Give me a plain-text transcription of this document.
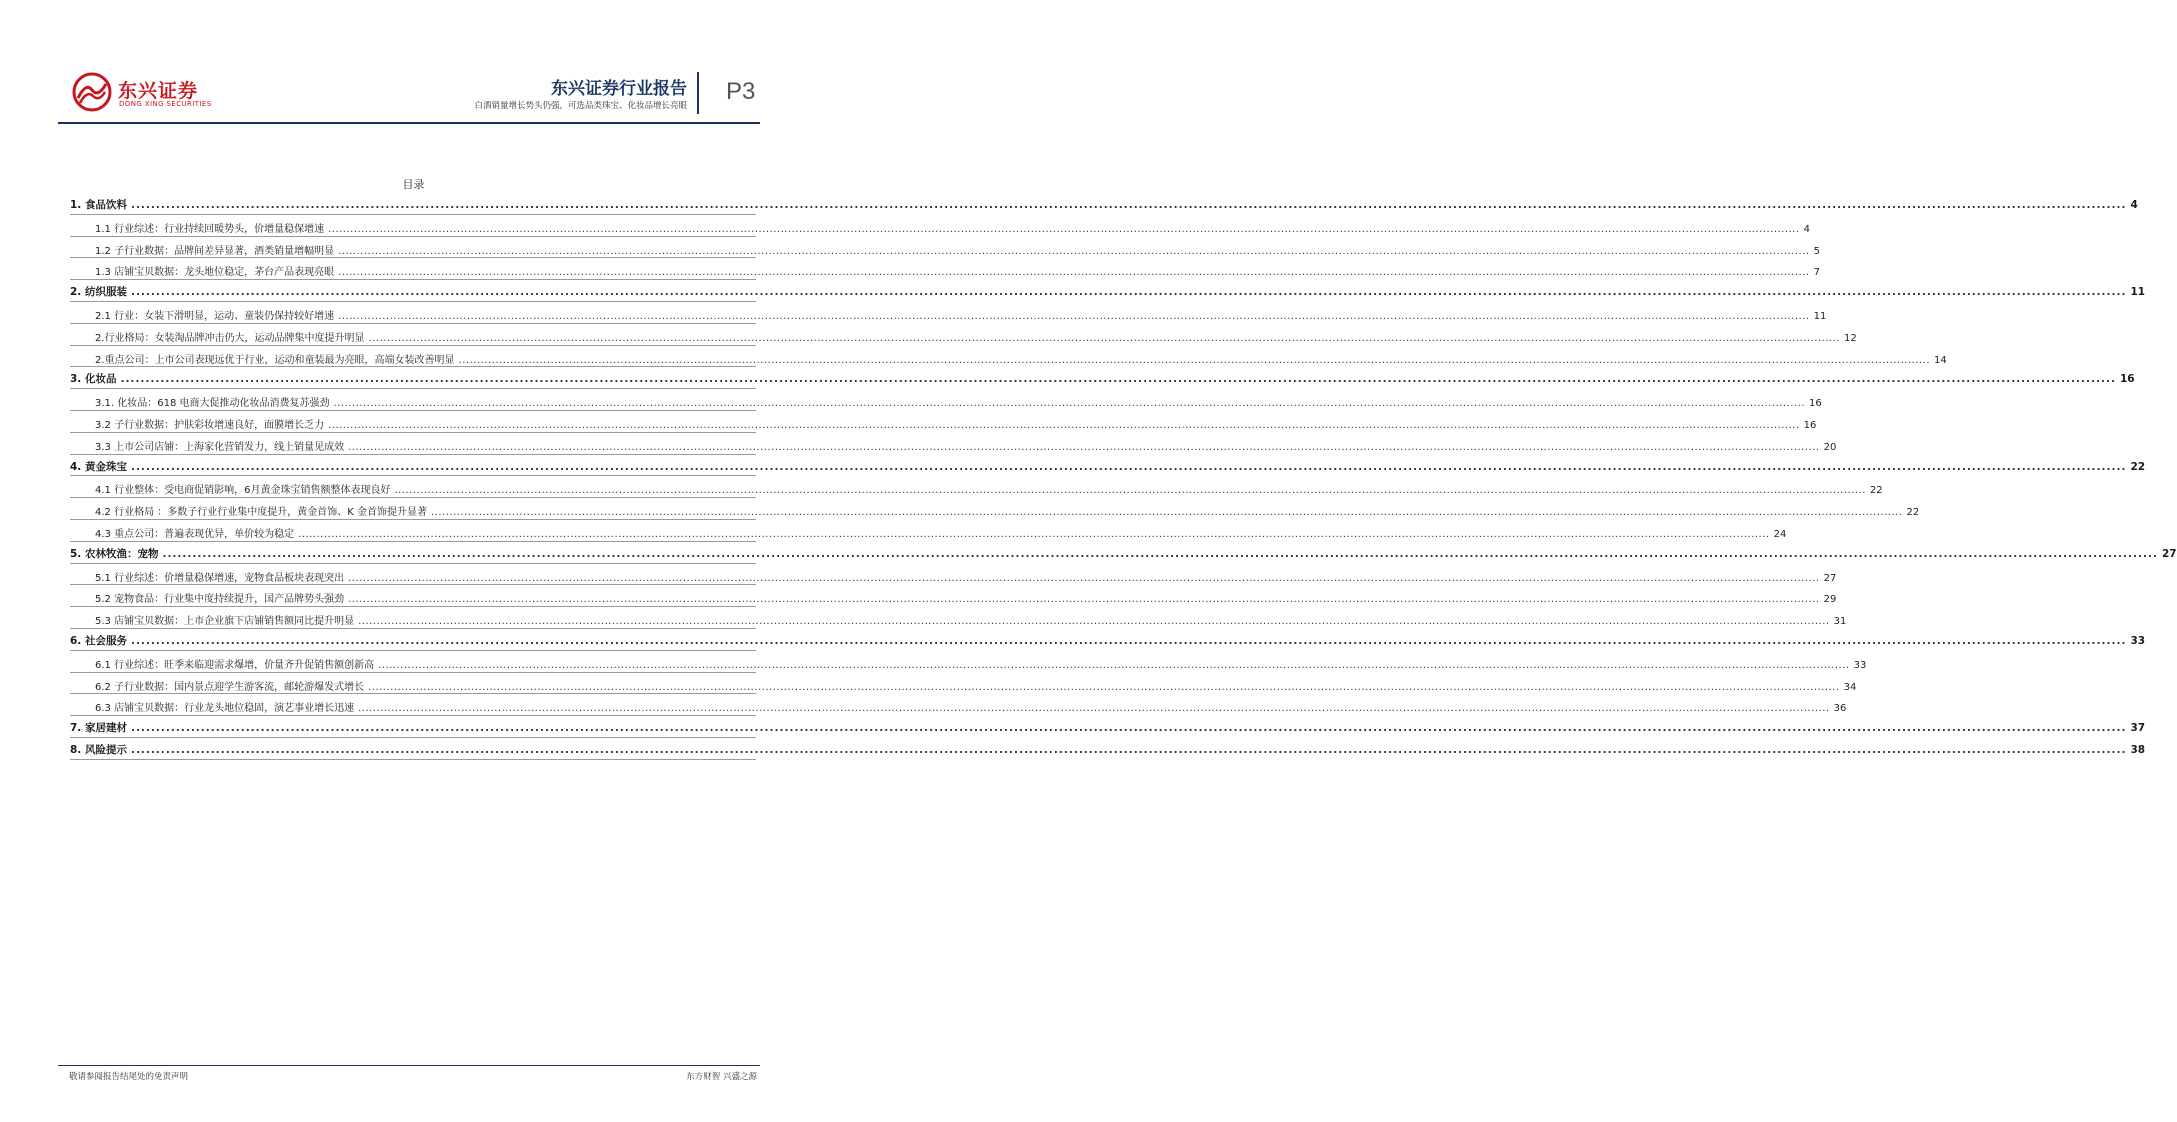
东兴证券
DONG XING SECURITIES
东兴证券行业报告
白酒销量增长势头仍强，可选品类珠宝、化妆品增长亮眼
P3
目录
1. 食品饮料 ................................................................................................................................................................................................................................................................................................................................................................................................................ 4
1.1 行业综述：行业持续回暖势头，价增量稳保增速 ................................................................................................................................................................................................................................................................................................................................................................................................................ 4
1.2 子行业数据：品牌间差异显著，酒类销量增幅明显 ................................................................................................................................................................................................................................................................................................................................................................................................................ 5
1.3 店铺宝贝数据：龙头地位稳定，茅台产品表现亮眼 ................................................................................................................................................................................................................................................................................................................................................................................................................ 7
2. 纺织服装 ................................................................................................................................................................................................................................................................................................................................................................................................................ 11
2.1 行业：女装下滑明显，运动、童装仍保持较好增速 ................................................................................................................................................................................................................................................................................................................................................................................................................ 11
2.行业格局：女装淘品牌冲击仍大，运动品牌集中度提升明显 ................................................................................................................................................................................................................................................................................................................................................................................................................ 12
2.重点公司：上市公司表现远优于行业，运动和童装最为亮眼，高端女装改善明显 ................................................................................................................................................................................................................................................................................................................................................................................................................ 14
3. 化妆品 ................................................................................................................................................................................................................................................................................................................................................................................................................ 16
3.1. 化妆品：618 电商大促推动化妆品消费复苏强劲 ................................................................................................................................................................................................................................................................................................................................................................................................................ 16
3.2 子行业数据：护肤彩妆增速良好，面膜增长乏力 ................................................................................................................................................................................................................................................................................................................................................................................................................ 16
3.3 上市公司店铺：上海家化营销发力，线上销量见成效 ................................................................................................................................................................................................................................................................................................................................................................................................................ 20
4. 黄金珠宝 ................................................................................................................................................................................................................................................................................................................................................................................................................ 22
4.1 行业整体：受电商促销影响，6月黄金珠宝销售额整体表现良好 ................................................................................................................................................................................................................................................................................................................................................................................................................ 22
4.2 行业格局 ：多数子行业行业集中度提升，黄金首饰、K 金首饰提升显著 ................................................................................................................................................................................................................................................................................................................................................................................................................ 22
4.3 重点公司：普遍表现优异，单价较为稳定 ................................................................................................................................................................................................................................................................................................................................................................................................................ 24
5. 农林牧渔：宠物 ................................................................................................................................................................................................................................................................................................................................................................................................................ 27
5.1 行业综述：价增量稳保增速，宠物食品板块表现突出 ................................................................................................................................................................................................................................................................................................................................................................................................................ 27
5.2 宠物食品：行业集中度持续提升，国产品牌势头强劲 ................................................................................................................................................................................................................................................................................................................................................................................................................ 29
5.3 店铺宝贝数据：上市企业旗下店铺销售额同比提升明显 ................................................................................................................................................................................................................................................................................................................................................................................................................ 31
6. 社会服务 ................................................................................................................................................................................................................................................................................................................................................................................................................ 33
6.1 行业综述：旺季来临迎需求爆增，价量齐升促销售额创新高 ................................................................................................................................................................................................................................................................................................................................................................................................................ 33
6.2 子行业数据：国内景点迎学生游客流，邮轮游爆发式增长 ................................................................................................................................................................................................................................................................................................................................................................................................................ 34
6.3 店铺宝贝数据：行业龙头地位稳固，演艺事业增长迅速 ................................................................................................................................................................................................................................................................................................................................................................................................................ 36
7. 家居建材 ................................................................................................................................................................................................................................................................................................................................................................................................................ 37
8. 风险提示 ................................................................................................................................................................................................................................................................................................................................................................................................................ 38
敬请参阅报告结尾处的免责声明	东方财智 兴盛之源
